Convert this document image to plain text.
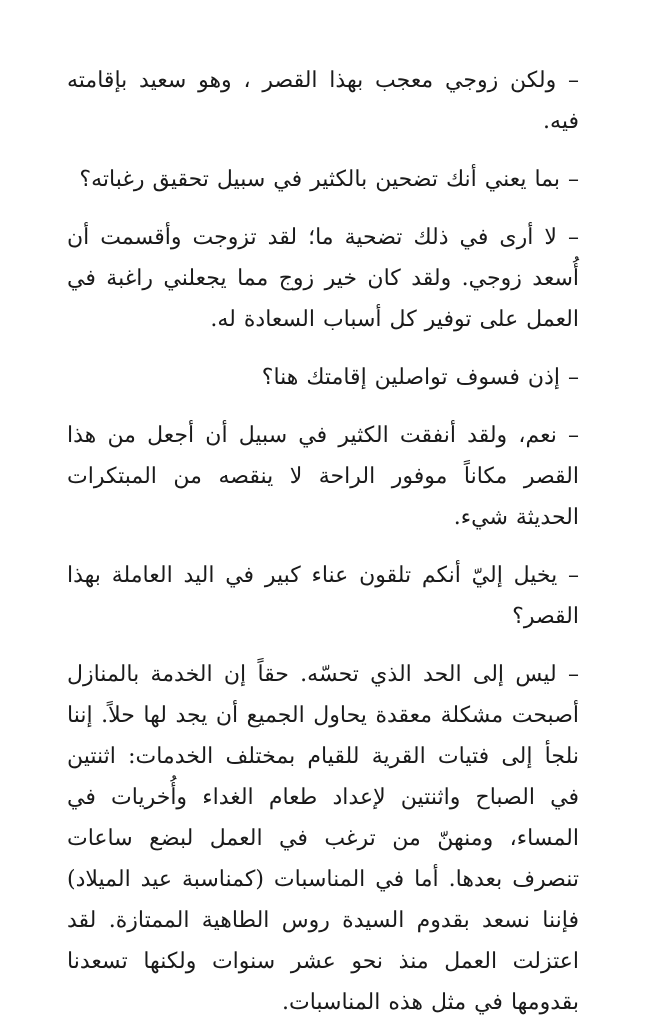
– ولكن زوجي معجب بهذا القصر ، وهو سعيد بإقامته فيه.

– بما يعني أنك تضحين بالكثير في سبيل تحقيق رغباته؟

– لا أرى في ذلك تضحية ما؛ لقد تزوجت وأقسمت أن أُسعد زوجي. ولقد كان خير زوج مما يجعلني راغبة في العمل على توفير كل أسباب السعادة له.

– إذن فسوف تواصلين إقامتك هنا؟

– نعم، ولقد أنفقت الكثير في سبيل أن أجعل من هذا القصر مكاناً موفور الراحة لا ينقصه من المبتكرات الحديثة شيء.

– يخيل إليّ أنكم تلقون عناء كبير في اليد العاملة بهذا القصر؟

– ليس إلى الحد الذي تحسّه. حقاً إن الخدمة بالمنازل أصبحت مشكلة معقدة يحاول الجميع أن يجد لها حلاً. إننا نلجأ إلى فتيات القرية للقيام بمختلف الخدمات: اثنتين في الصباح واثنتين لإعداد طعام الغداء وأُخريات في المساء، ومنهنّ من ترغب في العمل لبضع ساعات تنصرف بعدها. أما في المناسبات (كمناسبة عيد الميلاد) فإننا نسعد بقدوم السيدة روس الطاهية الممتازة. لقد اعتزلت العمل منذ نحو عشر سنوات ولكنها تسعدنا بقدومها في مثل هذه المناسبات.
